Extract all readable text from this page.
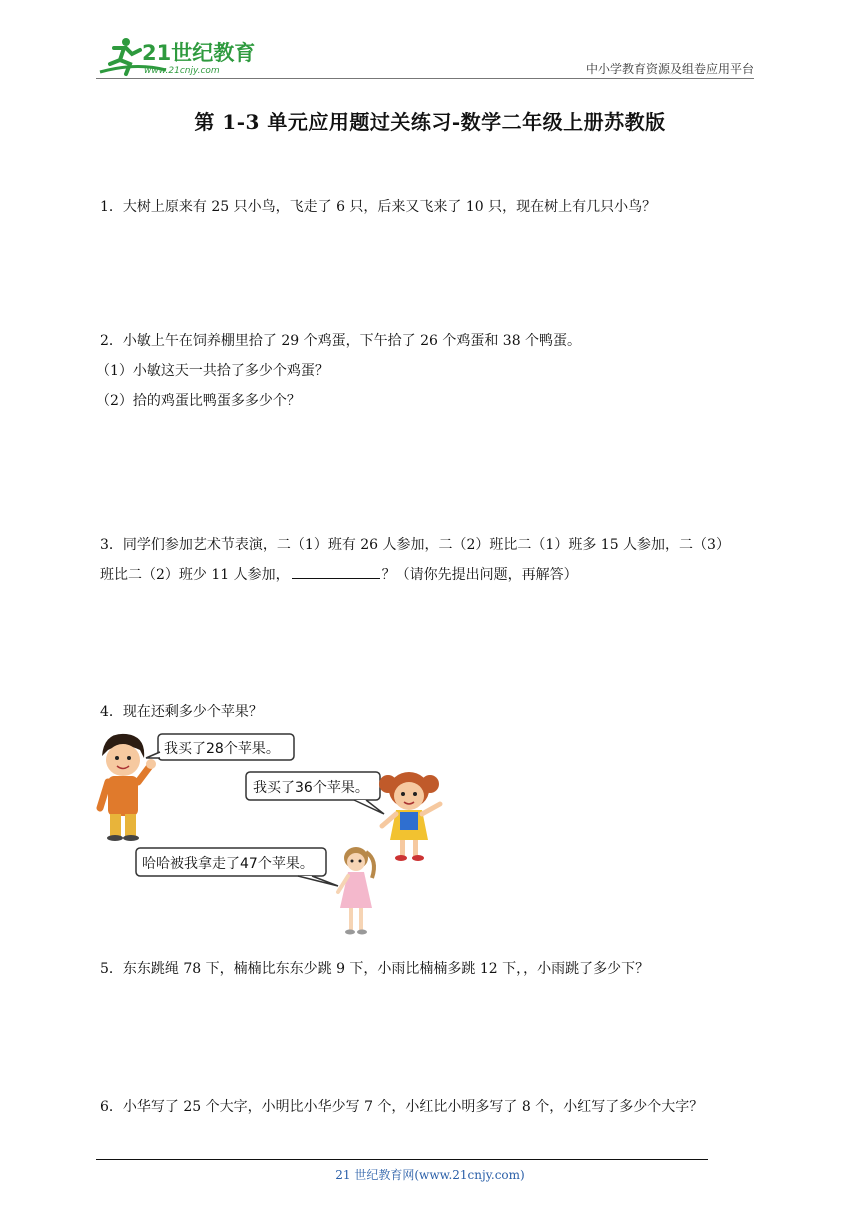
21世纪教育
www.21cnjy.com	中小学教育资源及组卷应用平台
第 1-3 单元应用题过关练习-数学二年级上册苏教版
1．大树上原来有 25 只小鸟，飞走了 6 只，后来又飞来了 10 只，现在树上有几只小鸟？
2．小敏上午在饲养棚里拾了 29 个鸡蛋，下午拾了 26 个鸡蛋和 38 个鸭蛋。
（1）小敏这天一共拾了多少个鸡蛋？
（2）拾的鸡蛋比鸭蛋多多少个？
3．同学们参加艺术节表演，二（1）班有 26 人参加，二（2）班比二（1）班多 15 人参加，二（3）
班比二（2）班少 11 人参加，	？（请你先提出问题，再解答）
4．现在还剩多少个苹果？
我买了28个苹果。
我买了36个苹果。
哈哈被我拿走了47个苹果。
5．东东跳绳 78 下，楠楠比东东少跳 9 下，小雨比楠楠多跳 12 下，，小雨跳了多少下？
6．小华写了 25 个大字，小明比小华少写 7 个，小红比小明多写了 8 个，小红写了多少个大字？
21 世纪教育网(www.21cnjy.com)
